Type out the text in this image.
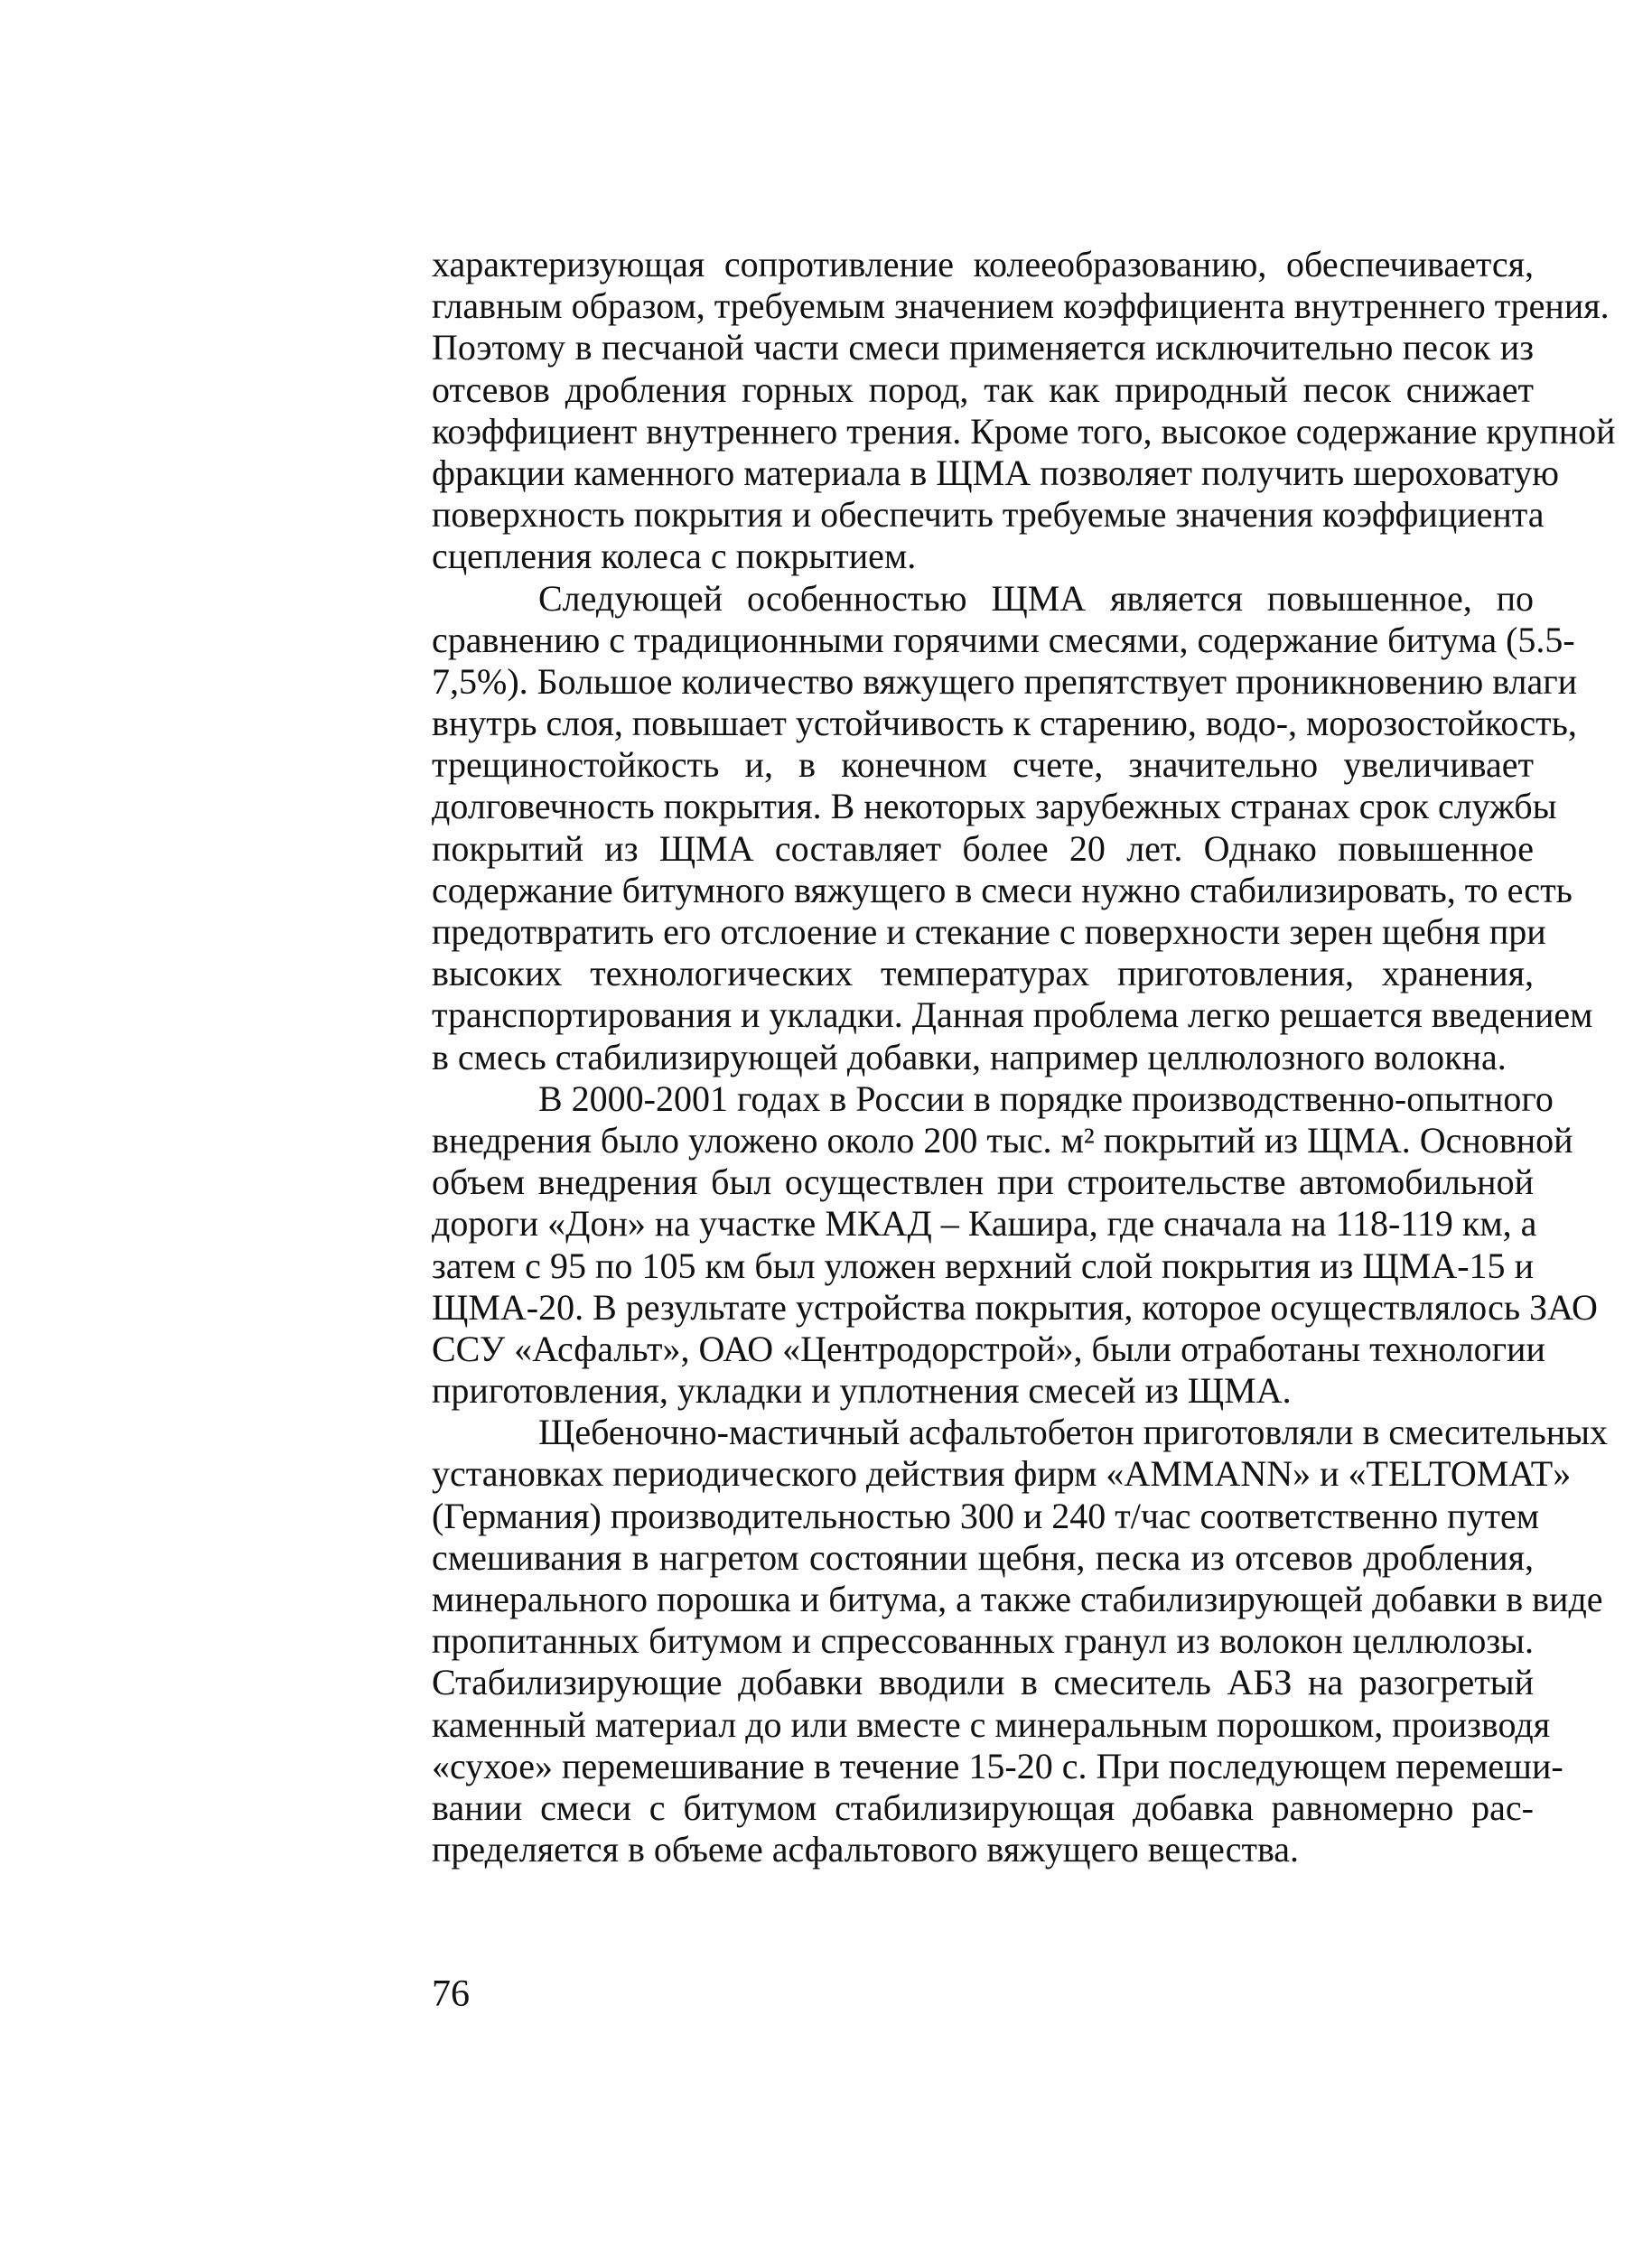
характеризующая сопротивление колееобразованию, обеспечивается,
главным образом, требуемым значением коэффициента внутреннего трения.
Поэтому в песчаной части смеси применяется исключительно песок из
отсевов дробления горных пород, так как природный песок снижает
коэффициент внутреннего трения. Кроме того, высокое содержание крупной
фракции каменного материала в ЩМА позволяет получить шероховатую
поверхность покрытия и обеспечить требуемые значения коэффициента
сцепления колеса с покрытием.
Следующей особенностью ЩМА является повышенное, по
сравнению с традиционными горячими смесями, содержание битума (5.5-
7,5%). Большое количество вяжущего препятствует проникновению влаги
внутрь слоя, повышает устойчивость к старению, водо-, морозостойкость,
трещиностойкость и, в конечном счете, значительно увеличивает
долговечность покрытия. В некоторых зарубежных странах срок службы
покрытий из ЩМА составляет более 20 лет. Однако повышенное
содержание битумного вяжущего в смеси нужно стабилизировать, то есть
предотвратить его отслоение и стекание с поверхности зерен щебня при
высоких технологических температурах приготовления, хранения,
транспортирования и укладки. Данная проблема легко решается введением
в смесь стабилизирующей добавки, например целлюлозного волокна.
В 2000-2001 годах в России в порядке производственно-опытного
внедрения было уложено около 200 тыс. м² покрытий из ЩМА. Основной
объем внедрения был осуществлен при строительстве автомобильной
дороги «Дон» на участке МКАД – Кашира, где сначала на 118-119 км, а
затем с 95 по 105 км был уложен верхний слой покрытия из ЩМА-15 и
ЩМА-20. В результате устройства покрытия, которое осуществлялось ЗАО
ССУ «Асфальт», ОАО «Центродорстрой», были отработаны технологии
приготовления, укладки и уплотнения смесей из ЩМА.
Щебеночно-мастичный асфальтобетон приготовляли в смесительных
установках периодического действия фирм «AMMANN» и «TELTOMAT»
(Германия) производительностью 300 и 240 т/час соответственно путем
смешивания в нагретом состоянии щебня, песка из отсевов дробления,
минерального порошка и битума, а также стабилизирующей добавки в виде
пропитанных битумом и спрессованных гранул из волокон целлюлозы.
Стабилизирующие добавки вводили в смеситель АБЗ на разогретый
каменный материал до или вместе с минеральным порошком, производя
«сухое» перемешивание в течение 15-20 с. При последующем перемеши-
вании смеси с битумом стабилизирующая добавка равномерно рас-
пределяется в объеме асфальтового вяжущего вещества.
76
